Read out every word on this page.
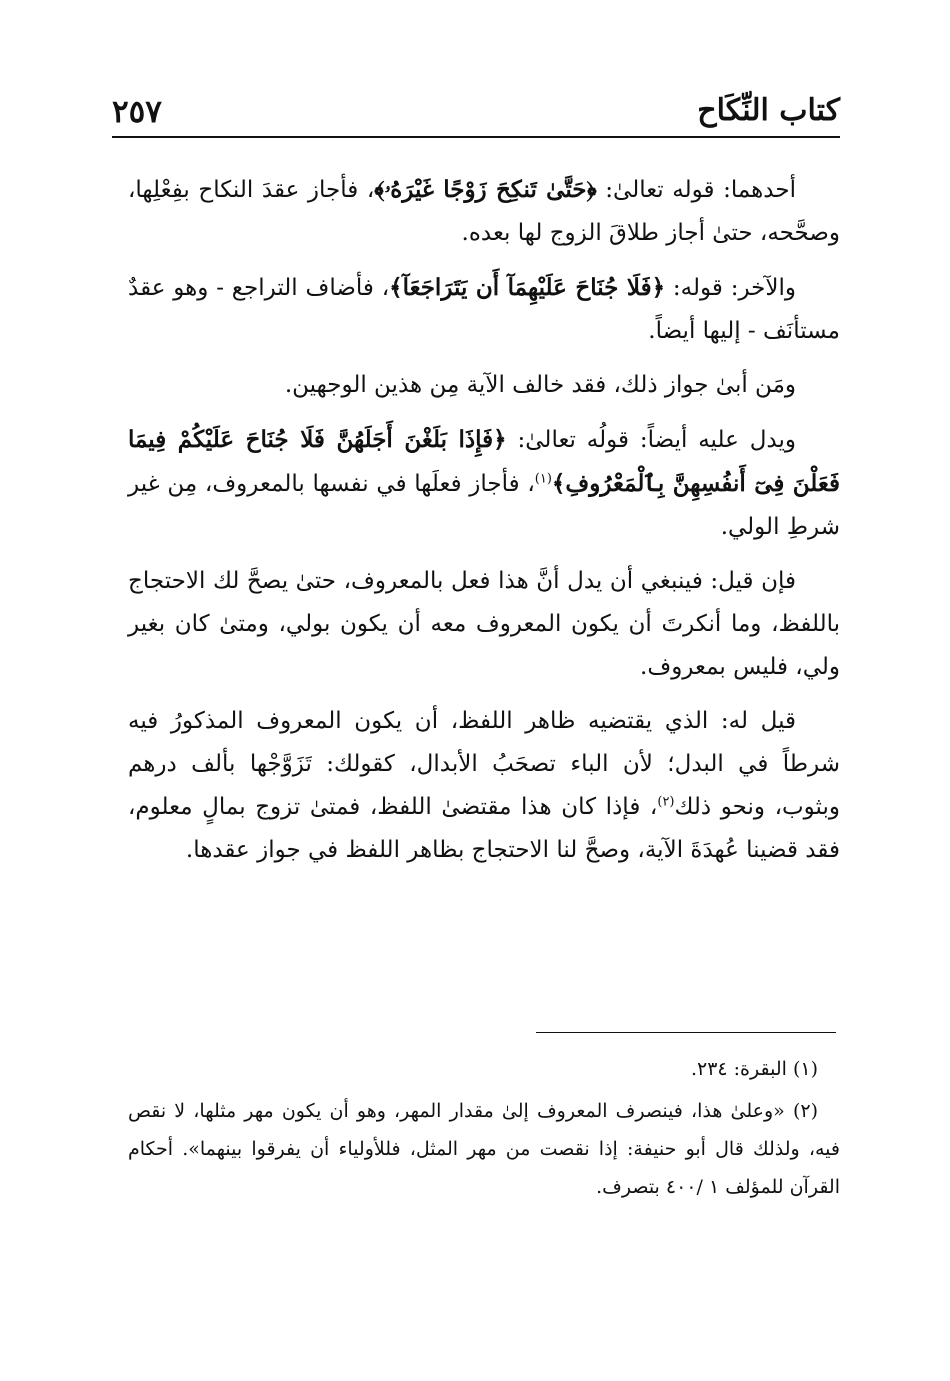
كتاب النِّكَاح
٢٥٧

أحدهما: قوله تعالىٰ: ﴿حَتَّىٰ تَنكِحَ زَوْجًا غَيْرَهُۥ﴾، فأجاز عقدَ النكاح بفِعْلِها، وصحَّحه، حتىٰ أجاز طلاقَ الزوج لها بعده.

والآخر: قوله: ﴿فَلَا جُنَاحَ عَلَيْهِمَآ أَن يَتَرَاجَعَآ﴾، فأضاف التراجع - وهو عقدٌ مستأنَف - إليها أيضاً.

ومَن أبىٰ جواز ذلك، فقد خالف الآية مِن هذين الوجهين.

ويدل عليه أيضاً: قولُه تعالىٰ: ﴿فَإِذَا بَلَغْنَ أَجَلَهُنَّ فَلَا جُنَاحَ عَلَيْكُمْ فِيمَا فَعَلْنَ فِىٓ أَنفُسِهِنَّ بِٱلْمَعْرُوفِ﴾$^{(١)}$، فأجاز فعلَها في نفسها بالمعروف، مِن غير شرطِ الولي.

فإن قيل: فينبغي أن يدل أنَّ هذا فعل بالمعروف، حتىٰ يصحَّ لك الاحتجاج باللفظ، وما أنكرتَ أن يكون المعروف معه أن يكون بولي، ومتىٰ كان بغير ولي، فليس بمعروف.

قيل له: الذي يقتضيه ظاهر اللفظ، أن يكون المعروف المذكورُ فيه شرطاً في البدل؛ لأن الباء تصحَبُ الأبدال، كقولك: تَزَوَّجْها بألف درهم وبثوب، ونحو ذلك$^{(٢)}$، فإذا كان هذا مقتضىٰ اللفظ، فمتىٰ تزوج بمالٍ معلوم، فقد قضينا عُهدَةَ الآية، وصحَّ لنا الاحتجاج بظاهر اللفظ في جواز عقدها.

(١) البقرة: ٢٣٤.

(٢) «وعلىٰ هذا، فينصرف المعروف إلىٰ مقدار المهر، وهو أن يكون مهر مثلها، لا نقص فيه، ولذلك قال أبو حنيفة: إذا نقصت من مهر المثل، فللأولياء أن يفرقوا بينهما». أحكام القرآن للمؤلف ١ /٤٠٠ بتصرف.
